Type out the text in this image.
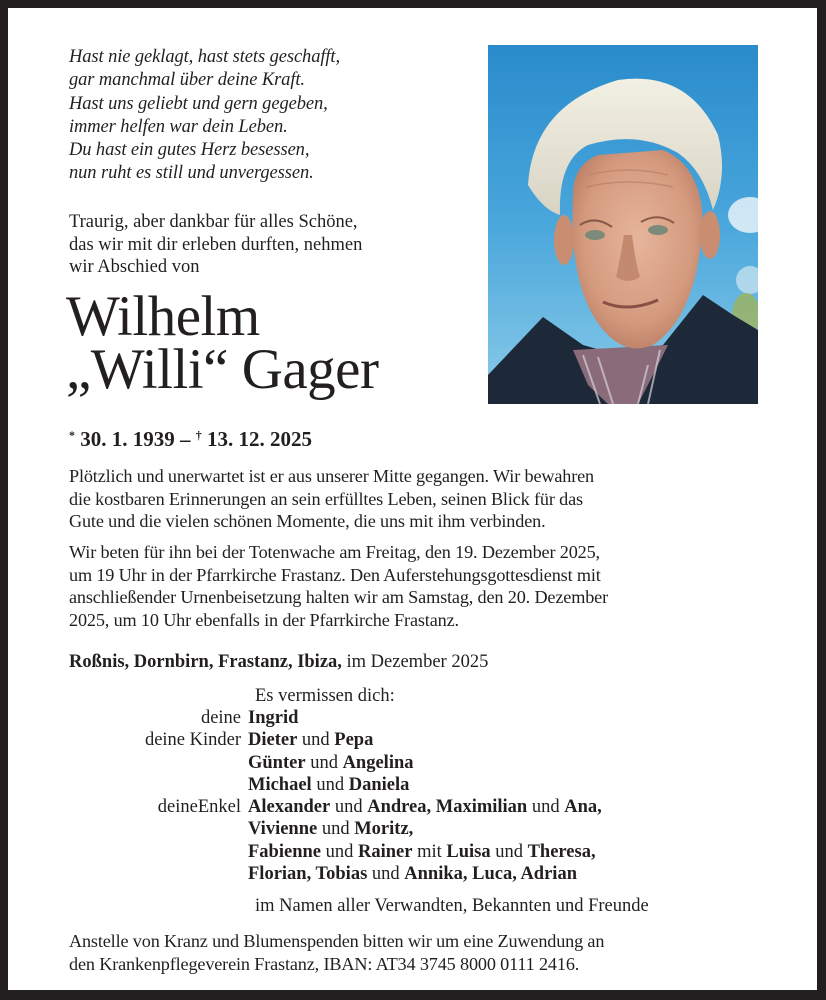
Hast nie geklagt, hast stets geschafft,
gar manchmal über deine Kraft.
Hast uns geliebt und gern gegeben,
immer helfen war dein Leben.
Du hast ein gutes Herz besessen,
nun ruht es still und unvergessen.
Traurig, aber dankbar für alles Schöne,
das wir mit dir erleben durften, nehmen
wir Abschied von
Wilhelm
„Willi“ Gager
* 30. 1. 1939 – † 13. 12. 2025
Plötzlich und unerwartet ist er aus unserer Mitte gegangen. Wir bewahren
die kostbaren Erinnerungen an sein erfülltes Leben, seinen Blick für das
Gute und die vielen schönen Momente, die uns mit ihm verbinden.
Wir beten für ihn bei der Totenwache am Freitag, den 19. Dezember 2025,
um 19 Uhr in der Pfarrkirche Frastanz. Den Auferstehungsgottesdienst mit
anschließender Urnenbeisetzung halten wir am Samstag, den 20. Dezember
2025, um 10 Uhr ebenfalls in der Pfarrkirche Frastanz.
Roßnis, Dornbirn, Frastanz, Ibiza, im Dezember 2025
Es vermissen dich:
deine Ingrid
deine Kinder Dieter und Pepa
Günter und Angelina
Michael und Daniela
deineEnkel Alexander und Andrea, Maximilian und Ana,
Vivienne und Moritz,
Fabienne und Rainer mit Luisa und Theresa,
Florian, Tobias und Annika, Luca, Adrian
im Namen aller Verwandten, Bekannten und Freunde
Anstelle von Kranz und Blumenspenden bitten wir um eine Zuwendung an
den Krankenpflegeverein Frastanz, IBAN: AT34 3745 8000 0111 2416.
